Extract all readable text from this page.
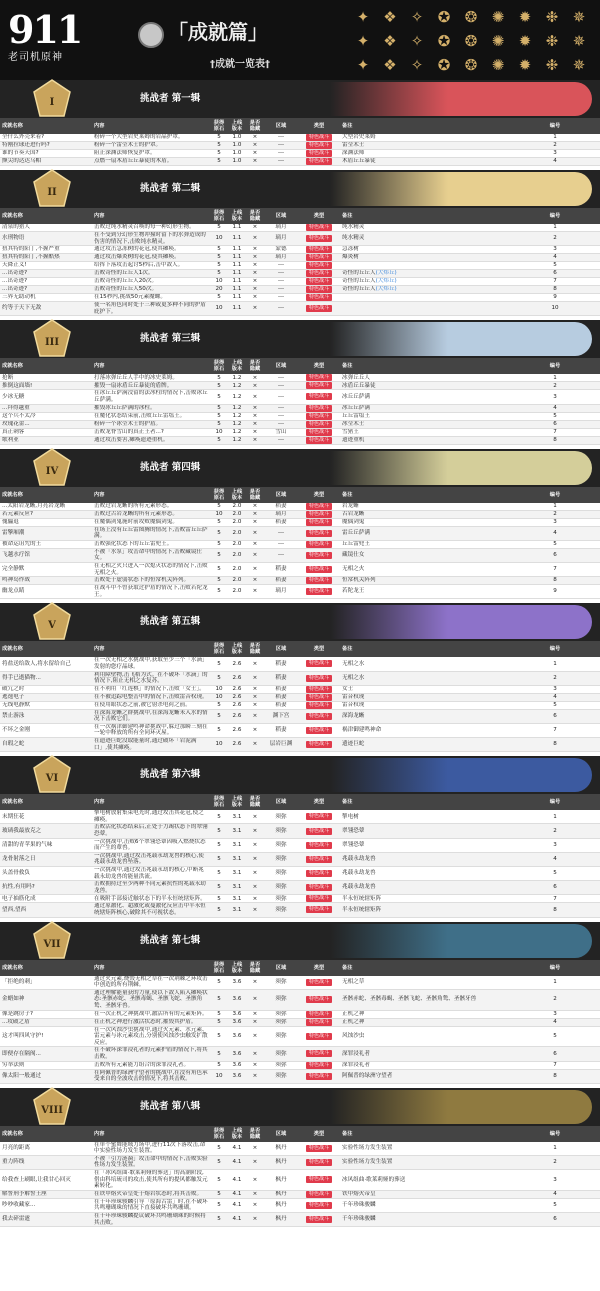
911
老司机原神
「成就篇」
†成就一览表†
✦ ❖ ✧ ✪ ❂ ✺ ✹ ❉ ✵
✦ ❖ ✧ ✪ ❂ ✺ ✹ ❉ ✵
✦ ❖ ✧ ✪ ❂ ✺ ✹ ❉ ✵
I	挑战者 第一辑
成就名称	内容	获得原石	上线版本	是否隐藏	区域	类型	备注	编号
全什么外壳来着?	粉碎一个大型岩史莱姆的岩晶护罩。	5	1.0	×	---	特色战斗	大型岩史莱姆	1
特刚拉球还进行吗?	粉碎一个雷莹术士的护罩。	5	1.0	×	---	特色战斗	雷莹术士	2
谁的节奏天国?	阻止深渊法师恢复护罩。	5	1.0	×	---	特色战斗	深渊法师	3
颤尖的达达乌帕	点燃一扇木盾丘丘暴徒的木盾。	5	1.0	×	---	特色战斗	木盾丘丘暴徒	4
II	挑战者 第二辑
成就名称	内容	获得原石	上线版本	是否隐藏	区域	类型	备注	编号
清泉的猎人	击败过纯水精灵召唤的每一种幻形生物。	5	1.1	×	璃月	特色战斗	纯水精灵	1
水刑物语	在不受到分幻形生物冲撞时留下的水弹造成的伤害的情况下,击败纯水精灵。	10	1.1	×	璃月	特色战斗	纯水精灵	2
扭其特的阳丁,不握严重	通过攻击急冻树的花冠,使其瘫痪。	5	1.1	×	蒙德	特色战斗	急冻树	3
扭其特的阳丁,不握酷热	通过攻击爆炎树的花冠,使其瘫痪。	5	1.1	×	璃月	特色战斗	爆炎树	4
天降正义!	给挥下落攻击起讨5秒后,击中敌人。	5	1.1	×	---	特色战斗		5
...出奇迹?	击败奇怪的丘丘人1次。	5	1.1	×	---	特色战斗	奇怪的丘丘人(大炜丘)	6
...出奇迹?	击败奇怪的丘丘人20次。	10	1.1	×	---	特色战斗	奇怪的丘丘人(大炜丘)	7
...出奇迹?	击败奇怪的丘丘人50次。	20	1.1	×	---	特色战斗	奇怪的丘丘人(大炜丘)	8
三界无助动机	在15秒内,挑战50元素魔螺。	5	1.1	×	---	特色战斗		9
约等于天下无敌	使一名角色同时处于三种或更多种不同的护盾庇护下。	10	1.1	×	---	特色战斗		10
III	挑战者 第三辑
成就名称	内容	获得原石	上线版本	是否隐藏	区域	类型	备注	编号
抢断	打落冰弹丘丘人手中的冰史莱姆。	5	1.2	×	---	特色战斗	冰弹丘丘人	1
推倒这面墙!	摧毁一扇冰盾丘丘暴徒的盾牌。	5	1.2	×	---	特色战斗	冰盾丘丘暴徒	2
少冰无糖	在冰丘丘萨满没留的法冰柱的情况下,击败冰丘丘萨满。	5	1.2	×	---	特色战斗	冰丘丘萨满	3
...拜得越重	摧毁冰丘丘萨满的冰柱。	5	1.2	×	---	特色战斗	冰丘丘萨满	4
这个兵不太冷	在魔化状态结束前,击败丘丘雷塩王。	5	1.2	×	---	特色战斗	丘丘雷塩王	5
玫瑰花蕾...	粉碎一个冰莹术士的护盾。	5	1.2	×	---	特色战斗	冰莹术士	6
真正刺客	击败龙脊雪山的真正王者...?	10	1.2	×	雪山	特色战斗	雪猪王	7
歌利亚	通过攻击要害,瘫痪遗迹重机。	5	1.2	×	---	特色战斗	遗迹重机	8
IV	挑战者 第四辑
成就名称	内容	获得原石	上线版本	是否隐藏	区域	类型	备注	编号
...太阳岩龙蜥,月亮岩龙蜥	击败过岩龙蜥的所有元素形态。	5	2.0	×	稻妻	特色战斗	岩龙蜥	1
若元素反应?	击败过古岩龙蜥的所有元素形态。	10	2.0	×	璃月	特色战斗	古岩龙蜥	2
傀儡退	在魔偶剑鬼施时前攻败魔偶剑鬼。	5	2.0	×	稻妻	特色战斗	魔偶剑鬼	3
雷擎厢潮	在场上没有丘丘雷图腾的情况下,击败雷丘丘萨满。	5	2.0	×	---	特色战斗	雷丘丘萨满	4
被命运诅咒的王	击败强化状态下的丘丘雷兜王。	5	2.0	×	---	特色战斗	丘丘雷兜王	5
飞越水疗馆	不被「水泵」攻击命中的情况下,击败藏镜仕女。	5	2.0	×	---	特色战斗	藏镜仕女	6
完全静默	在无相之火只进入一次熄灭状态的情况下,击败无相之火。	5	2.0	×	稻妻	特色战斗	无相之火	7
鸣神岛作战	击败处于虚弱状态下的恒常机关阵列。	5	2.0	×	稻妻	特色战斗	恒常机关阵列	8
幽龙点睛	在战斗中不曾获取过护盾的情况下,击败若陀龙王。	5	2.0	×	璃月	特色战斗	若陀龙王	9
V	挑战者 第五辑
成就名称	内容	获得原石	上线版本	是否隐藏	区域	类型	备注	编号
将盐送给敌人,将水留给自己	在一次无相之水挑战中,获取至少三个「水滴」发射的您疗晶球。	5	2.6	×	稻妻	特色战斗	无相之水	1
得手已逝猫物...	利用障壁物,击飞稻为式。在不破坏「水滴」的情况下,阻止无相之水复苏。	5	2.6	×	稻妻	特色战斗	无相之水	2
破冗之时	在不利用「红莲棋」的情况下,击败「女士」。	10	2.6	×	稻妻	特色战斗	女士	3
逃逸电子	在不被追踪电整击中的情况下,击败雷音权现。	10	2.6	×	稻妻	特色战斗	雷音权现	4
无线电静默	在使用眼状态之前,被它射杀电荷之前。	5	2.6	×	稻妻	特色战斗	雷音权现	5
禁止游泳	在深海龙蜥之群挑战中,在深海龙蜥未入水的情况下击败它们。	5	2.6	×	渊下宫	特色战斗	深海龙蜥	6
不坏之金刚	在一次祸津御建鸣神命挑战中,躲过那瞬三刻在一轮中释放的所有全同环灭屋。	5	2.6	×	稻妻	特色战斗	祸津御建鸣神命	7
自瑕之蛇	在遗迹巨蛇没取能量时,通过破坏「岩泥满口」,使其瘫痪。	10	2.6	×	层岩巨渊	特色战斗	遗迹巨蛇	8
VI	挑战者 第六辑
成就名称	内容	获得原石	上线版本	是否隐藏	区域	类型	备注	编号
末期狂花	掣电树放射集束电光时,通过攻击其花冠,使之瘫痪。	5	3.1	×	须弥	特色战斗	掣电树	1
玻璃我最放克之	击败活化状态结束后,正处于力竭状态下的翠翎恐蕈。	5	3.1	×	须弥	特色战斗	翠翎恐蕈	2
清甜的青苹果的气味	一次挑战中,击败6个翠翎恐蕈因吸入燃烧状态而产生的蕈兽。	5	3.1	×	须弥	特色战斗	翠翎恐蕈	3
龙骨射落之日	一次挑战中,通过攻击兆载永劫龙兽的核心,使兆载永劫龙兽坠落。	5	3.1	×	须弥	特色战斗	兆载永劫龙兽	4
头盖骨救负	一次挑战中,通过攻击兆载永劫的核心,中断兆载永劫龙兽的能量洪流。	5	3.1	×	须弥	特色战斗	兆载永劫龙兽	5
抗性,有用吗?	击败拥持过至少两种不同元素抗性的兆载永劫龙兽。	5	3.1	×	须弥	特色战斗	兆载永劫龙兽	6
电子抽筋化成	在吸附手部接近触状态下的半永恒统辖矩阵。	5	3.1	×	须弥	特色战斗	半永恒统辖矩阵	7
望西,望西	通过原激化、超激化或蔓激化反应击中半永恒统辖矩阵核心,破除其不可视状态。	5	3.1	×	须弥	特色战斗	半永恒统辖矩阵	8
VII	挑战者 第七辑
成就名称	内容	获得原石	上线版本	是否隐藏	区域	类型	备注	编号
「拒绝的刺」	通过火元素,烧毁无相之草在一次荆棘之环攻击中创造的所有荆棘。	5	3.6	×	须弥	特色战斗	无相之草	1
金蜡如神	通过理解能量获的力量,使以下敌人陷入瘫痪状态:圣骸赤蛇、圣骸毒蝎、圣骸飞蛇、圣骸角鸷、圣骸牙兽。	5	3.6	×	须弥	特色战斗	圣骸赤蛇、圣骸毒蝎、圣骸飞蛇、圣骸角鸷、圣骸牙兽	2
像是跳房子?	在一次正机之神挑战中,激活所有的元素矩阵。	5	3.6	×	须弥	特色战斗	正机之神	3
...攻破之盾	在正机之神进行激活状态时,摧毁其护盾。	5	3.6	×	须弥	特色战斗	正机之神	4
这才叫四风守护!	在一次风蚀沙虫挑战中,通过火元素、水元素、雷元素与冰元素攻击,分别使风蚀沙虫触发扩散反应。	5	3.6	×	须弥	特色战斗	风蚀沙虫	5
即便存在隔阂...	在不破坏深罪浸礼者的元素护盾的情况下,将其击败。	5	3.6	×	须弥	特色战斗	深罪浸礼者	6
穷举法则	击败所有元素能力组合的深罪浸礼者。	5	3.6	×	须弥	特色战斗	深罪浸礼者	7
像太阳一般通过	在阿佩普的绿洲守望者的挑战中,在没有角色承受来自的全波攻击的情况下,将其击败。	10	3.6	×	须弥	特色战斗	阿佩普的绿洲守望者	8
VIII	挑战者 第八辑
成就名称	内容	获得原石	上线版本	是否隐藏	区域	类型	备注	编号
月亮的距离	在单个蜜舞能域力场中,进行11次下落攻击,命中实验性场力发生装置。	5	4.1	×	枫丹	特色战斗	实验性场力发生装置	1
重力阵线	不被「引力涟漪」攻击命中的情况下,击败实验性场力发生装置。	5	4.1	×	枫丹	特色战斗	实验性场力发生装置	2
给我查上刷眼,让我甘心回灭	在「冰风组曲·歌莱莉娅的葬送」的高潮阶段,借由科培琉司的攻击,使其所有的提风都触发元素转化。	5	4.1	×	枫丹	特色战斗	冰风组曲·歌莱莉娅的葬送	3
解誓刑予解誓王座	在铁甲熔火帝皇处于熔岩状态时,将其击败。	5	4.1	×	枫丹	特色战斗	铁甲熔火帝皇	4
吵吵收藏家...	在千年珍珠骏麟引导「原海古雷」时,在不破坏共鸣珊瑚珠的情况下直接破坏共鸣珊瑚。	5	4.1	×	枫丹	特色战斗	千年珍珠骏麟	5
我去碎雷霆	在千年珍珠骏麟提议破坏共鸣珊瑚珠的时候将其击败。	5	4.1	×	枫丹	特色战斗	千年珍珠骏麟	6
